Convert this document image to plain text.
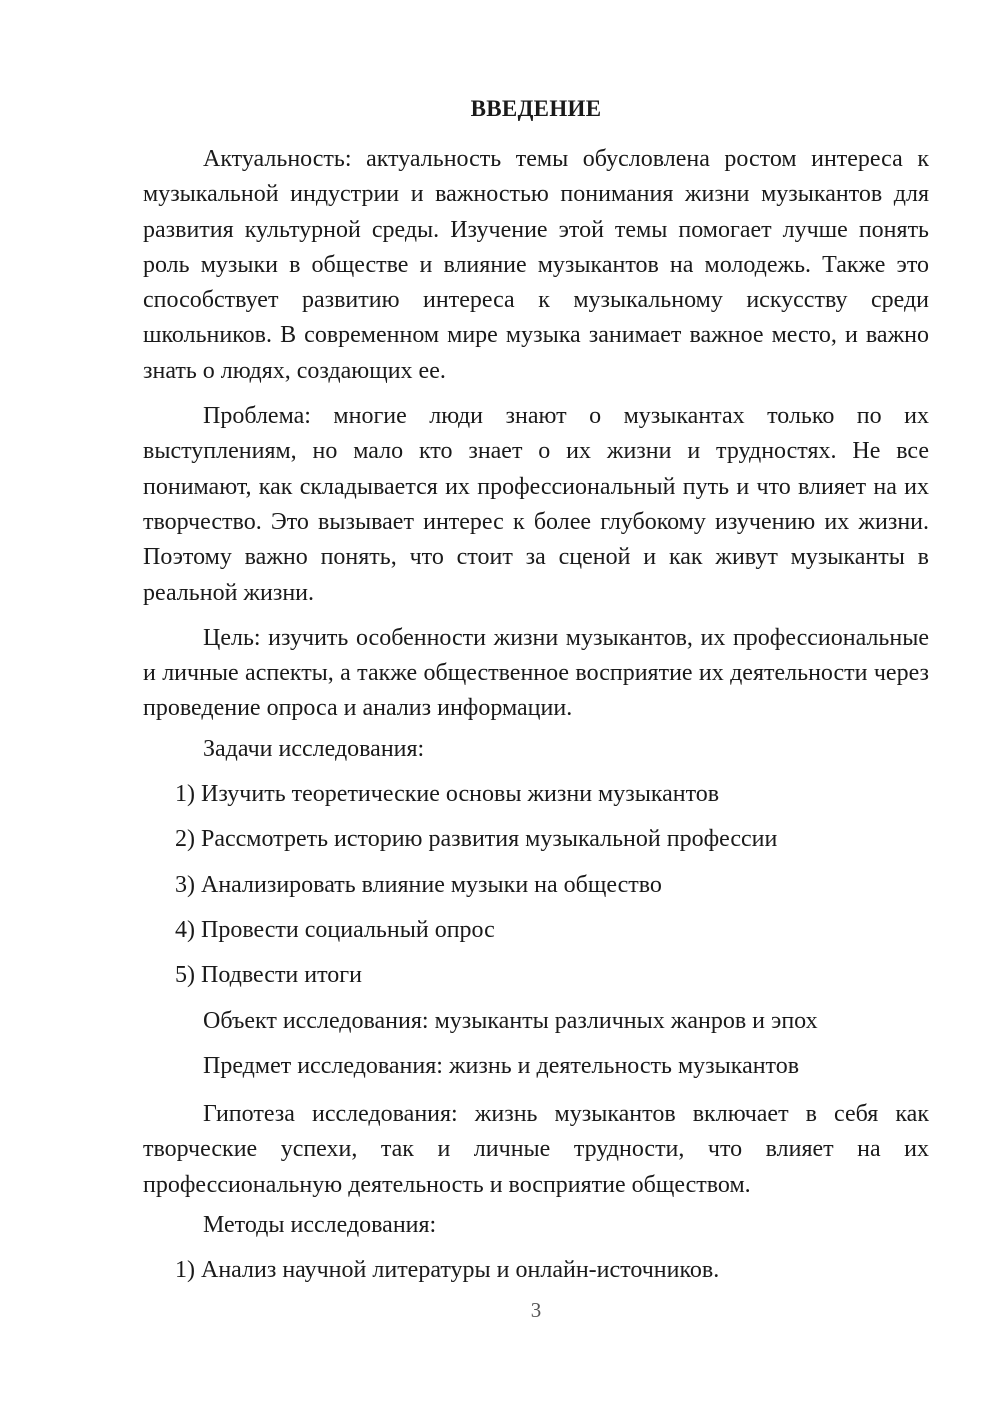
ВВЕДЕНИЕ

Актуальность: актуальность темы обусловлена ростом интереса к музыкальной индустрии и важностью понимания жизни музыкантов для развития культурной среды. Изучение этой темы помогает лучше понять роль музыки в обществе и влияние музыкантов на молодежь. Также это способствует развитию интереса к музыкальному искусству среди школьников. В современном мире музыка занимает важное место, и важно знать о людях, создающих ее.

Проблема: многие люди знают о музыкантах только по их выступлениям, но мало кто знает о их жизни и трудностях. Не все понимают, как складывается их профессиональный путь и что влияет на их творчество. Это вызывает интерес к более глубокому изучению их жизни. Поэтому важно понять, что стоит за сценой и как живут музыканты в реальной жизни.

Цель: изучить особенности жизни музыкантов, их профессиональные и личные аспекты, а также общественное восприятие их деятельности через проведение опроса и анализ информации.

Задачи исследования:

1) Изучить теоретические основы жизни музыкантов

2) Рассмотреть историю развития музыкальной профессии

3) Анализировать влияние музыки на общество

4) Провести социальный опрос

5) Подвести итоги

Объект исследования: музыканты различных жанров и эпох

Предмет исследования: жизнь и деятельность музыкантов

Гипотеза исследования: жизнь музыкантов включает в себя как творческие успехи, так и личные трудности, что влияет на их профессиональную деятельность и восприятие обществом.

Методы исследования:

1) Анализ научной литературы и онлайн-источников.

3
